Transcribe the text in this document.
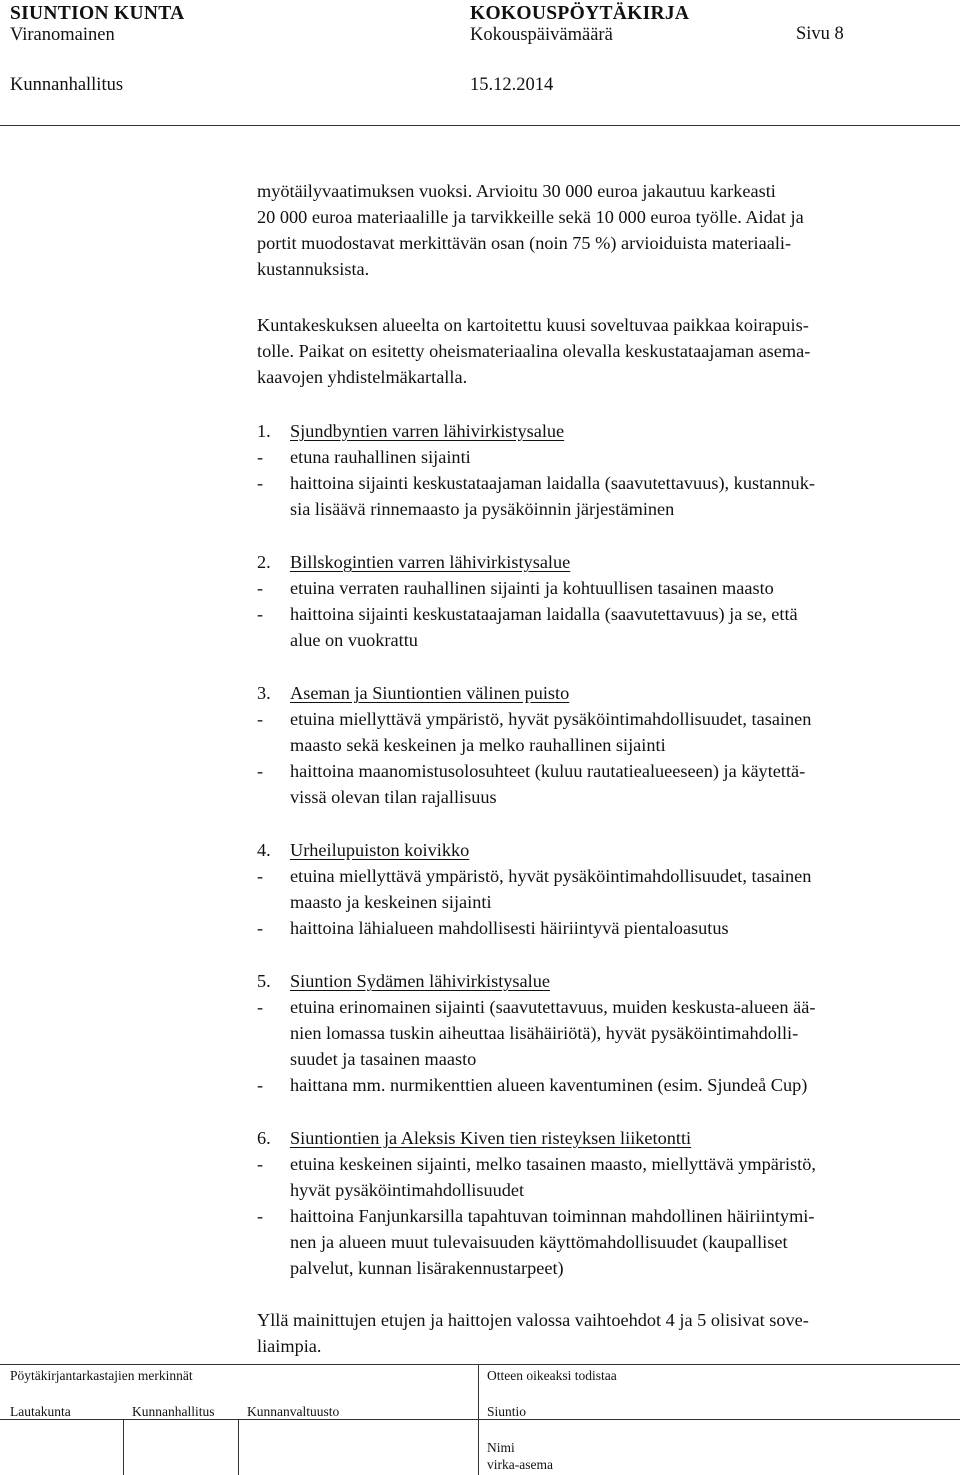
SIUNTION KUNTA	KOKOUSPÖYTÄKIRJA
Viranomainen	Kokouspäivämäärä	Sivu 8
Kunnanhallitus	15.12.2014
myötäilyvaatimuksen vuoksi. Arvioitu 30 000 euroa jakautuu karkeasti
20 000 euroa materiaalille ja tarvikkeille sekä 10 000 euroa työlle. Aidat ja
portit muodostavat merkittävän osan (noin 75 %) arvioiduista materiaali-
kustannuksista.
Kuntakeskuksen alueelta on kartoitettu kuusi soveltuvaa paikkaa koirapuis-
tolle. Paikat on esitetty oheismateriaalina olevalla keskustataajaman asema-
kaavojen yhdistelmäkartalla.
1. Sjundbyntien varren lähivirkistysalue
- etuna rauhallinen sijainti
- haittoina sijainti keskustataajaman laidalla (saavutettavuus), kustannuk-
sia lisäävä rinnemaasto ja pysäköinnin järjestäminen
2. Billskogintien varren lähivirkistysalue
- etuina verraten rauhallinen sijainti ja kohtuullisen tasainen maasto
- haittoina sijainti keskustataajaman laidalla (saavutettavuus) ja se, että
alue on vuokrattu
3. Aseman ja Siuntiontien välinen puisto
- etuina miellyttävä ympäristö, hyvät pysäköintimahdollisuudet, tasainen
maasto sekä keskeinen ja melko rauhallinen sijainti
- haittoina maanomistusolosuhteet (kuluu rautatiealueeseen) ja käytettä-
vissä olevan tilan rajallisuus
4. Urheilupuiston koivikko
- etuina miellyttävä ympäristö, hyvät pysäköintimahdollisuudet, tasainen
maasto ja keskeinen sijainti
- haittoina lähialueen mahdollisesti häiriintyvä pientaloasutus
5. Siuntion Sydämen lähivirkistysalue
- etuina erinomainen sijainti (saavutettavuus, muiden keskusta-alueen ää-
nien lomassa tuskin aiheuttaa lisähäiriötä), hyvät pysäköintimahdolli-
suudet ja tasainen maasto
- haittana mm. nurmikenttien alueen kaventuminen (esim. Sjundeå Cup)
6. Siuntiontien ja Aleksis Kiven tien risteyksen liiketontti
- etuina keskeinen sijainti, melko tasainen maasto, miellyttävä ympäristö,
hyvät pysäköintimahdollisuudet
- haittoina Fanjunkarsilla tapahtuvan toiminnan mahdollinen häiriintymi-
nen ja alueen muut tulevaisuuden käyttömahdollisuudet (kaupalliset
palvelut, kunnan lisärakennustarpeet)
Yllä mainittujen etujen ja haittojen valossa vaihtoehdot 4 ja 5 olisivat sove-
liaimpia.
Pöytäkirjantarkastajien merkinnät	Otteen oikeaksi todistaa
Lautakunta	Kunnanhallitus Kunnanvaltuusto	Siuntio
Nimi
virka-asema
